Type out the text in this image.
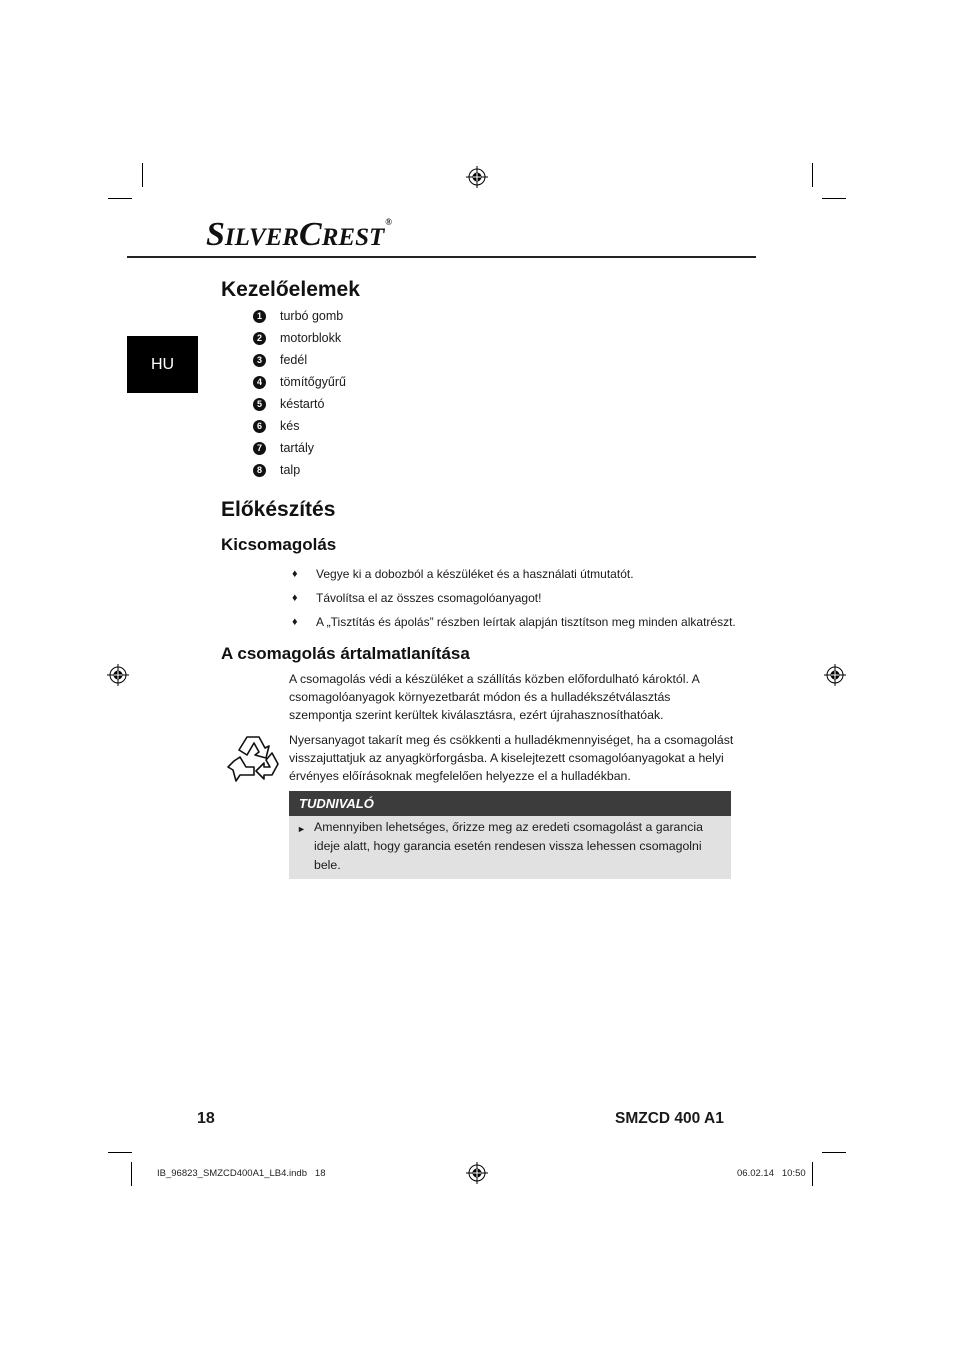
SILVERCREST®
HU
Kezelőelemek
1	turbó gomb
2	motorblokk
3	fedél
4	tömítőgyűrű
5	késtartó
6	kés
7	tartály
8	talp
Előkészítés
Kicsomagolás
♦	Vegye ki a dobozból a készüléket és a használati útmutatót.
♦	Távolítsa el az összes csomagolóanyagot!
♦	A „Tisztítás és ápolás” részben leírtak alapján tisztítson meg minden alkatrészt.
A csomagolás ártalmatlanítása

A csomagolás védi a készüléket a szállítás közben előfordulható károktól. A csomagolóanyagok környezetbarát módon és a hulladékszétválasztás szempontja szerint kerültek kiválasztásra, ezért újrahasznosíthatóak.

Nyersanyagot takarít meg és csökkenti a hulladékmennyiséget, ha a csomagolást visszajuttatjuk az anyagkörforgásba. A kiselejtezett csomagolóanyagokat a helyi érvényes előírásoknak megfelelően helyezze el a hulladékban.

TUDNIVALÓ
► Amennyiben lehetséges, őrizze meg az eredeti csomagolást a garancia ideje alatt, hogy garancia esetén rendesen vissza lehessen csomagolni bele.
18	SMZCD 400 A1
IB_96823_SMZCD400A1_LB4.indb   18	06.02.14   10:50
